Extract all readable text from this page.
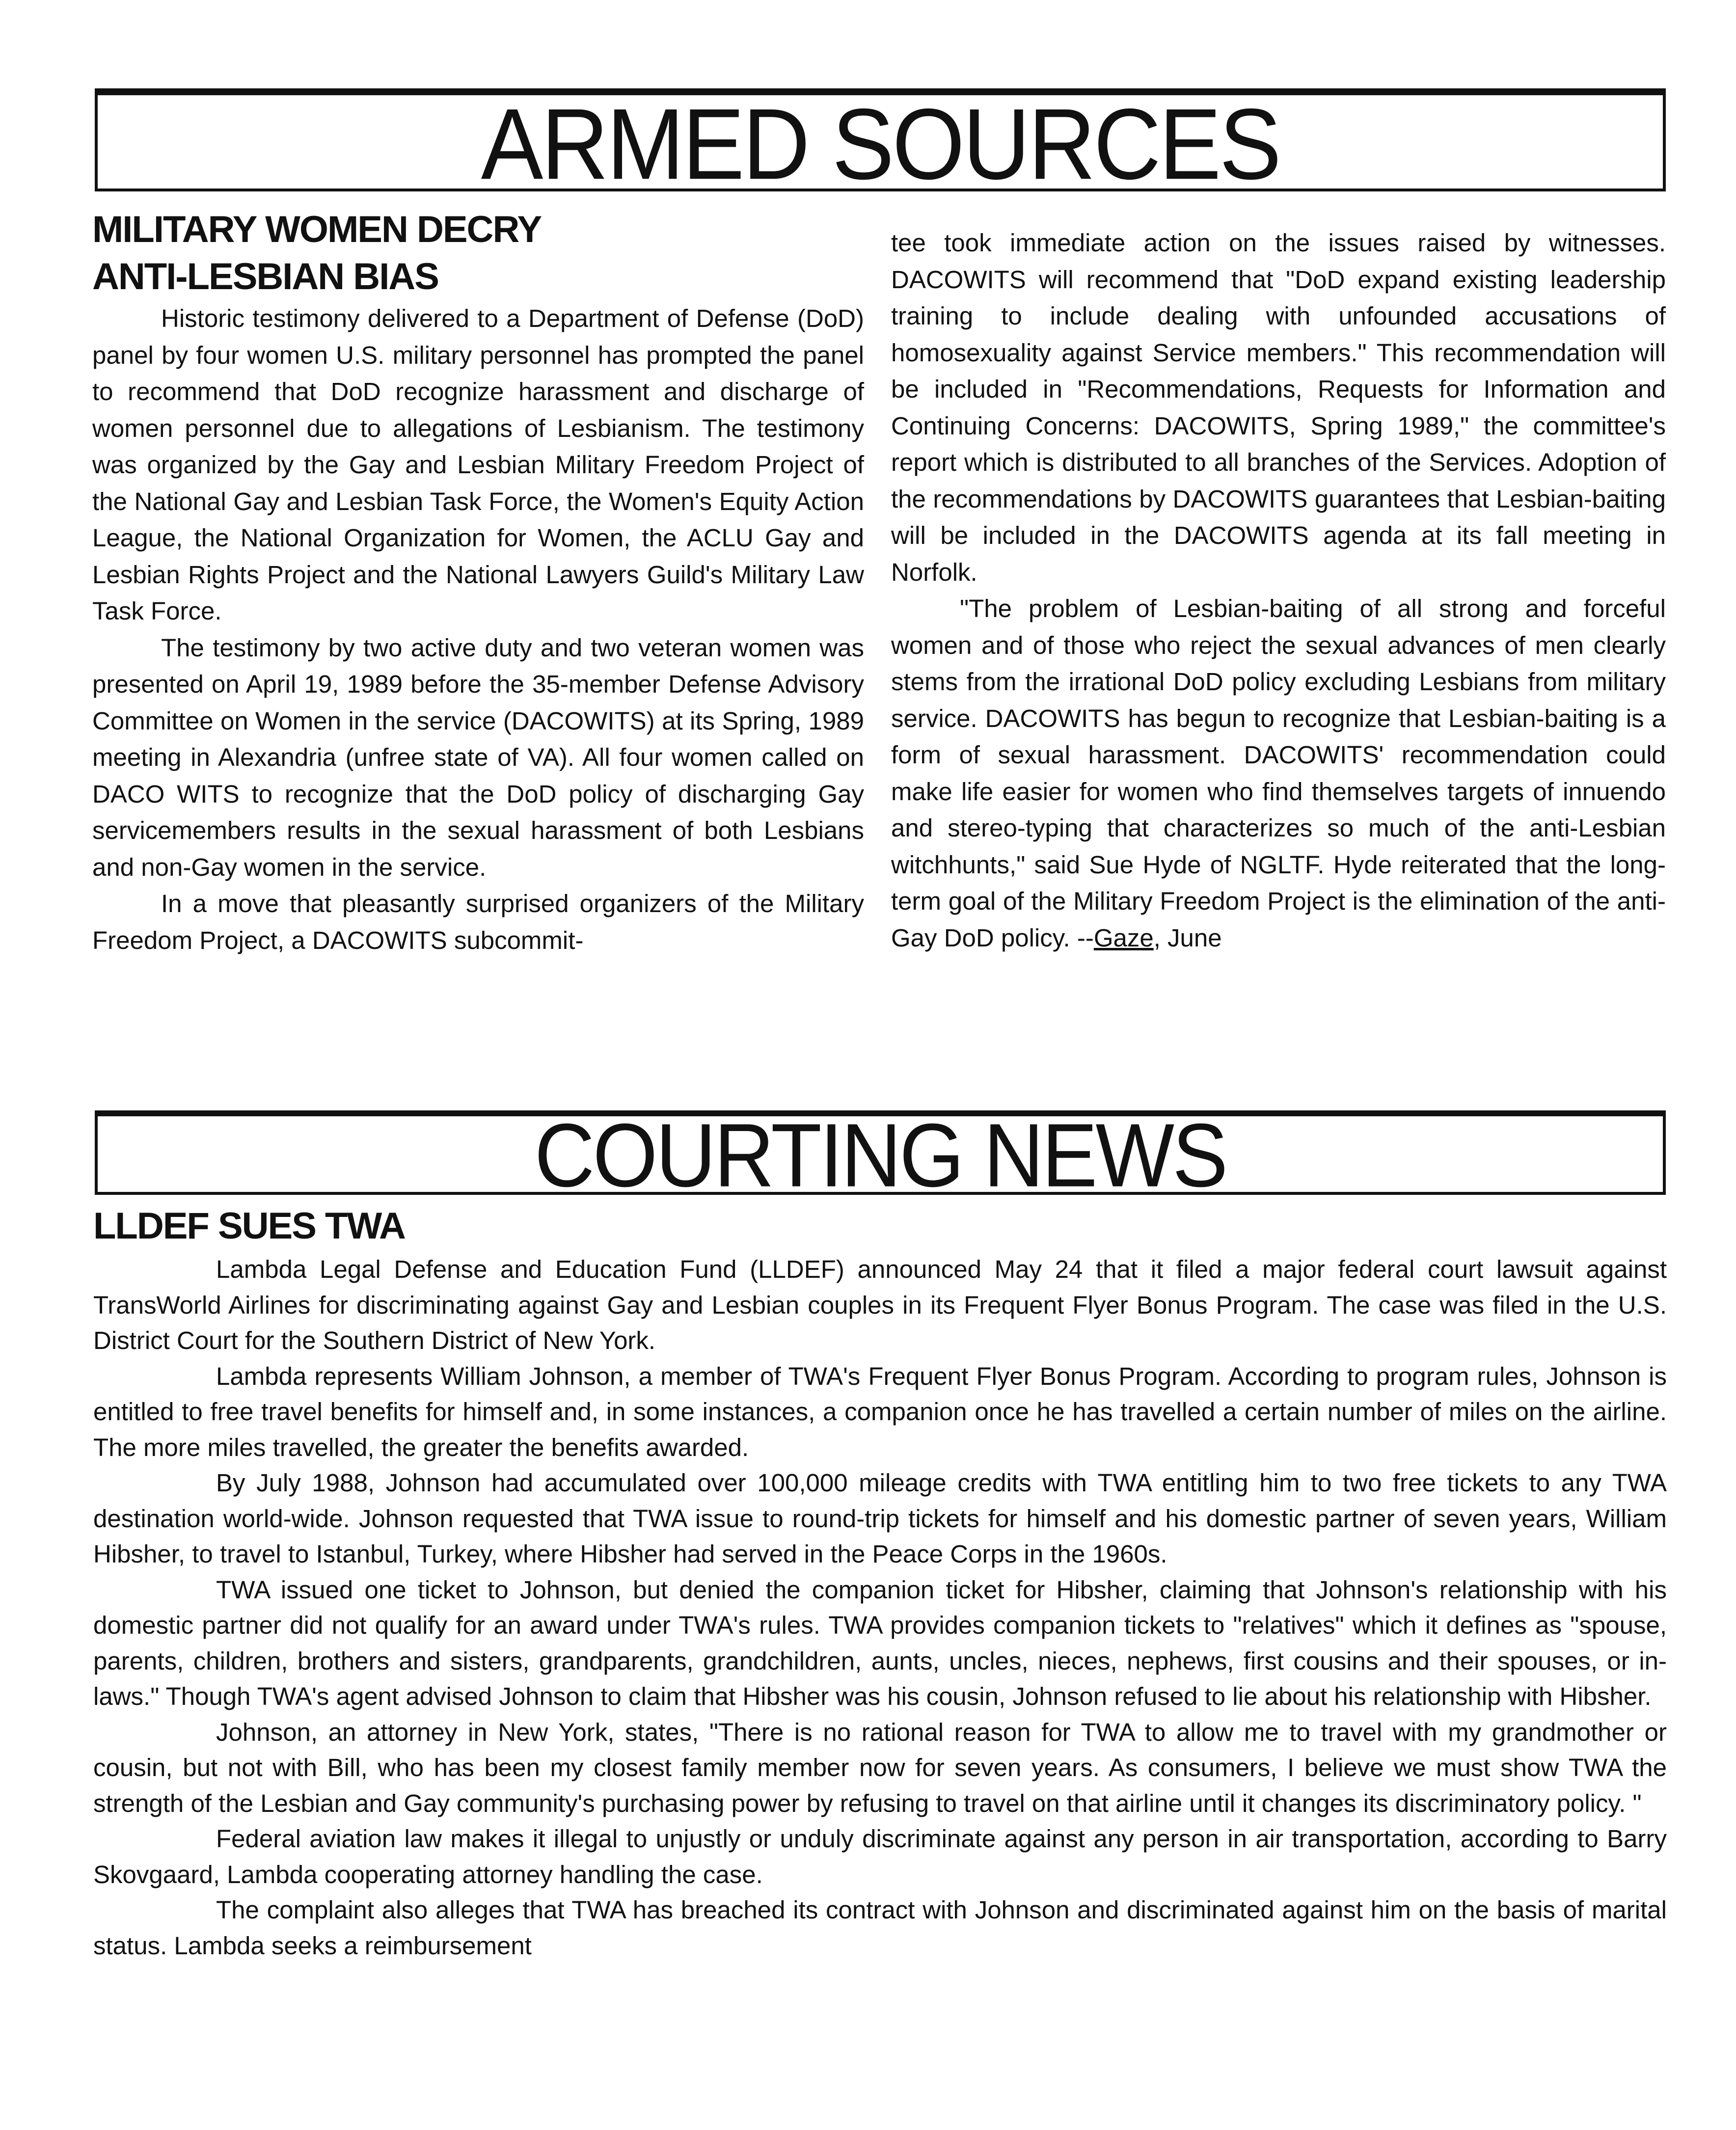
ARMED SOURCES
MILITARY WOMEN DECRY
ANTI-LESBIAN BIAS

Historic testimony delivered to a Department of Defense (DoD) panel by four women U.S. military personnel has prompted the panel to recommend that DoD recognize harassment and discharge of women personnel due to allegations of Lesbianism. The testimony was organized by the Gay and Lesbian Military Freedom Project of the National Gay and Lesbian Task Force, the Women's Equity Action League, the National Organization for Women, the ACLU Gay and Lesbian Rights Project and the National Lawyers Guild's Military Law Task Force.

The testimony by two active duty and two veteran women was presented on April 19, 1989 before the 35-member Defense Advisory Committee on Women in the service (DACOWITS) at its Spring, 1989 meeting in Alexandria (unfree state of VA). All four women called on DACO WITS to recognize that the DoD policy of discharging Gay servicemembers results in the sexual harassment of both Lesbians and non-Gay women in the service.

In a move that pleasantly surprised organizers of the Military Freedom Project, a DACOWITS subcommit-

tee took immediate action on the issues raised by witnesses. DACOWITS will recommend that "DoD expand existing leadership training to include dealing with unfounded accusations of homosexuality against Service members." This recommendation will be included in "Recommendations, Requests for Information and Continuing Concerns: DACOWITS, Spring 1989," the committee's report which is distributed to all branches of the Services. Adoption of the recommendations by DACOWITS guarantees that Lesbian-baiting will be included in the DACOWITS agenda at its fall meeting in Norfolk.

"The problem of Lesbian-baiting of all strong and forceful women and of those who reject the sexual advances of men clearly stems from the irrational DoD policy excluding Lesbians from military service. DACOWITS has begun to recognize that Lesbian-baiting is a form of sexual harassment. DACOWITS' recommendation could make life easier for women who find themselves targets of innuendo and stereo-typing that characterizes so much of the anti-Lesbian witchhunts," said Sue Hyde of NGLTF. Hyde reiterated that the long-term goal of the Military Freedom Project is the elimination of the anti-Gay DoD policy. --Gaze, June

COURTING NEWS
LLDEF SUES TWA

Lambda Legal Defense and Education Fund (LLDEF) announced May 24 that it filed a major federal court lawsuit against TransWorld Airlines for discriminating against Gay and Lesbian couples in its Frequent Flyer Bonus Program. The case was filed in the U.S. District Court for the Southern District of New York.

Lambda represents William Johnson, a member of TWA's Frequent Flyer Bonus Program. According to program rules, Johnson is entitled to free travel benefits for himself and, in some instances, a companion once he has travelled a certain number of miles on the airline. The more miles travelled, the greater the benefits awarded.

By July 1988, Johnson had accumulated over 100,000 mileage credits with TWA entitling him to two free tickets to any TWA destination world-wide. Johnson requested that TWA issue to round-trip tickets for himself and his domestic partner of seven years, William Hibsher, to travel to Istanbul, Turkey, where Hibsher had served in the Peace Corps in the 1960s.

TWA issued one ticket to Johnson, but denied the companion ticket for Hibsher, claiming that Johnson's relationship with his domestic partner did not qualify for an award under TWA's rules. TWA provides companion tickets to "relatives" which it defines as "spouse, parents, children, brothers and sisters, grandparents, grandchildren, aunts, uncles, nieces, nephews, first cousins and their spouses, or in-laws." Though TWA's agent advised Johnson to claim that Hibsher was his cousin, Johnson refused to lie about his relationship with Hibsher.

Johnson, an attorney in New York, states, "There is no rational reason for TWA to allow me to travel with my grandmother or cousin, but not with Bill, who has been my closest family member now for seven years. As consumers, I believe we must show TWA the strength of the Lesbian and Gay community's purchasing power by refusing to travel on that airline until it changes its discriminatory policy. "

Federal aviation law makes it illegal to unjustly or unduly discriminate against any person in air transportation, according to Barry Skovgaard, Lambda cooperating attorney handling the case.

The complaint also alleges that TWA has breached its contract with Johnson and discriminated against him on the basis of marital status. Lambda seeks a reimbursement
